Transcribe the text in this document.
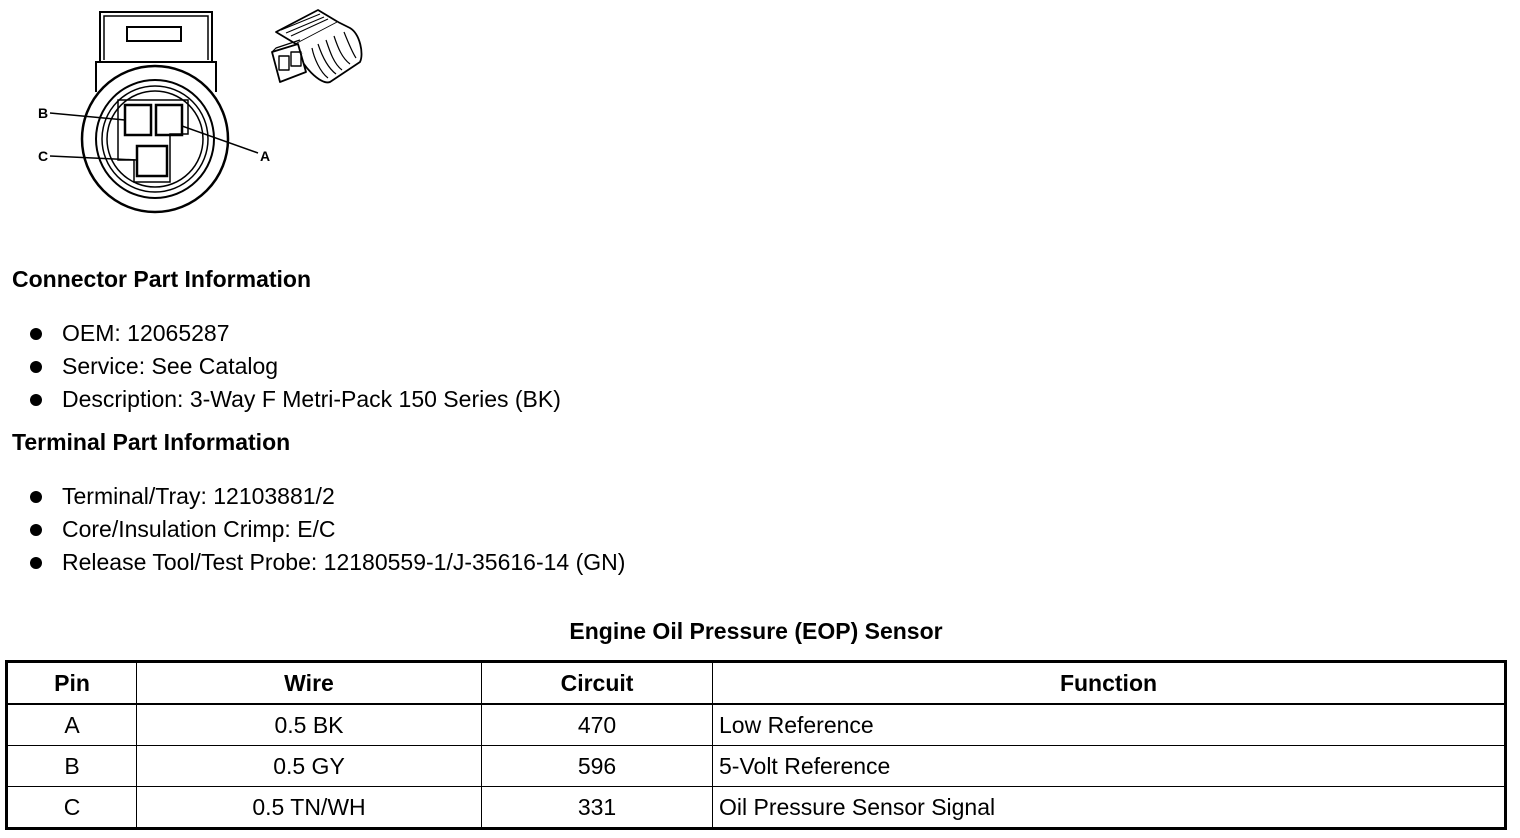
B
C	A
Connector Part Information
OEM: 12065287
Service: See Catalog
Description: 3-Way F Metri-Pack 150 Series (BK)
Terminal Part Information
Terminal/Tray: 12103881/2
Core/Insulation Crimp: E/C
Release Tool/Test Probe: 12180559-1/J-35616-14 (GN)
Engine Oil Pressure (EOP) Sensor
Pin	Wire	Circuit	Function
A	0.5 BK	470	Low Reference
B	0.5 GY	596	5-Volt Reference
C	0.5 TN/WH	331	Oil Pressure Sensor Signal
